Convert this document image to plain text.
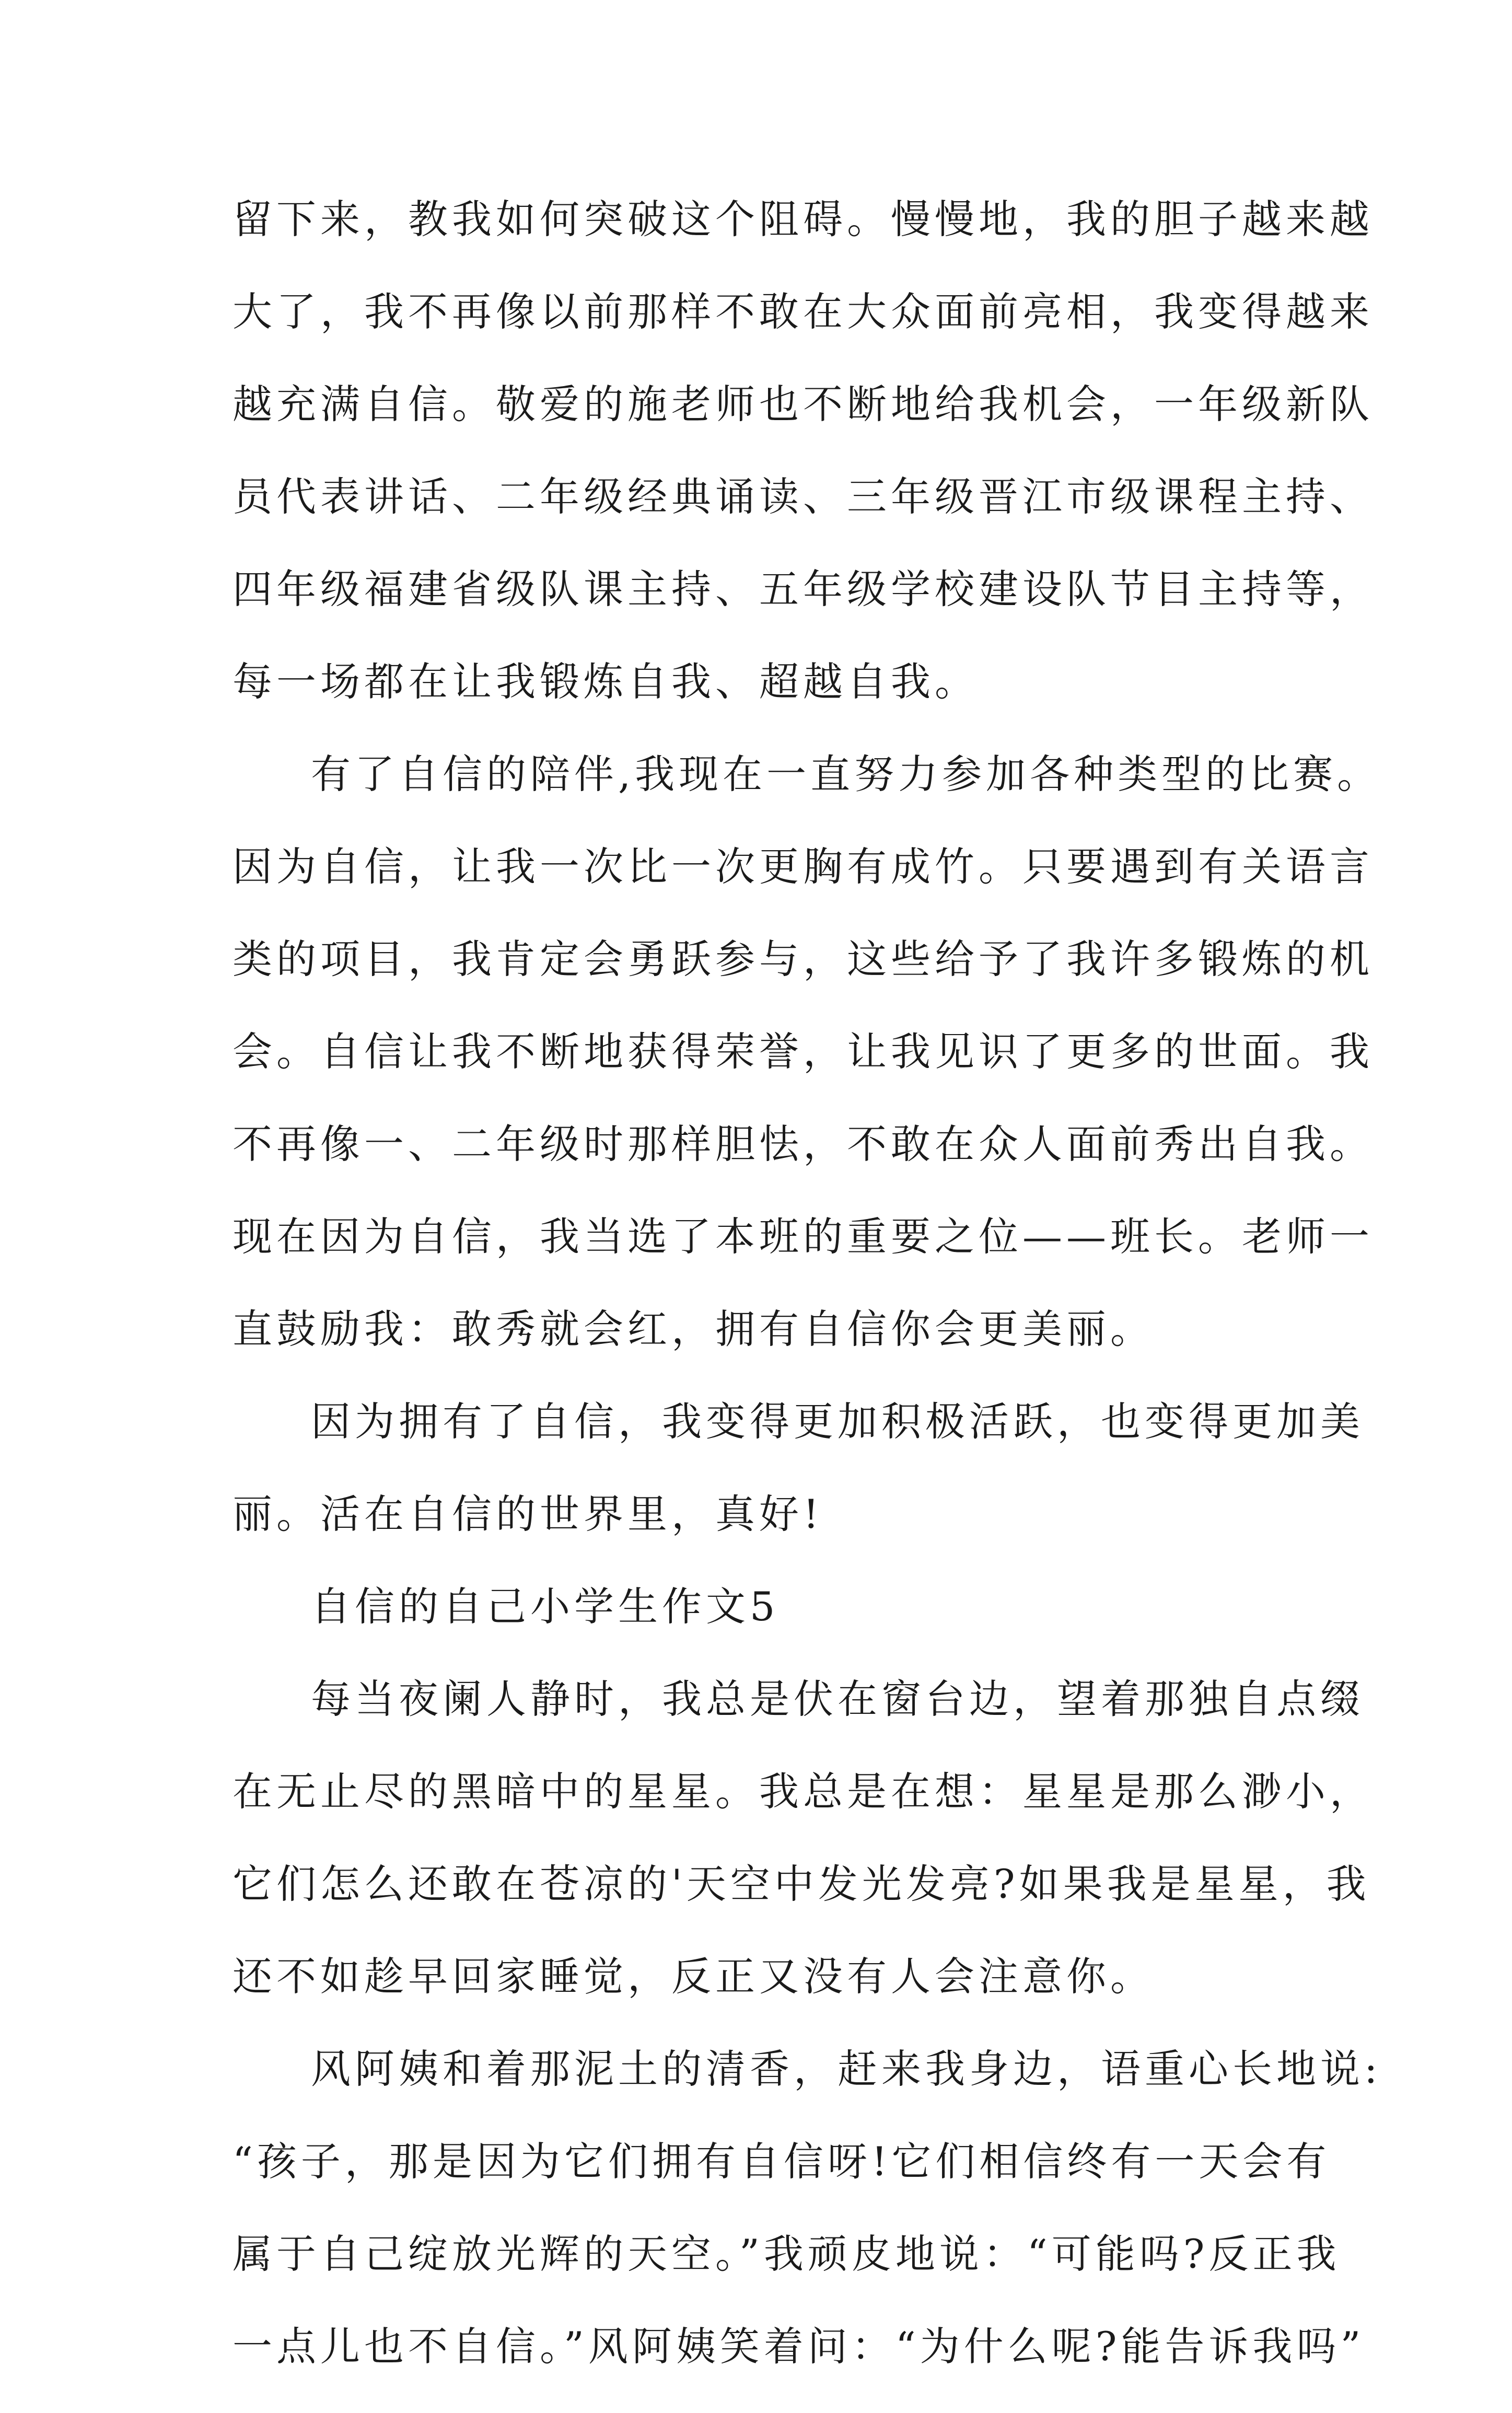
留下来，教我如何突破这个阻碍。慢慢地，我的胆子越来越
大了，我不再像以前那样不敢在大众面前亮相，我变得越来
越充满自信。敬爱的施老师也不断地给我机会，一年级新队
员代表讲话、二年级经典诵读、三年级晋江市级课程主持、
四年级福建省级队课主持、五年级学校建设队节目主持等，
每一场都在让我锻炼自我、超越自我。
有了自信的陪伴,我现在一直努力参加各种类型的比赛。
因为自信，让我一次比一次更胸有成竹。只要遇到有关语言
类的项目，我肯定会勇跃参与，这些给予了我许多锻炼的机
会。自信让我不断地获得荣誉，让我见识了更多的世面。我
不再像一、二年级时那样胆怯，不敢在众人面前秀出自我。
现在因为自信，我当选了本班的重要之位——班长。老师一
直鼓励我：敢秀就会红，拥有自信你会更美丽。
因为拥有了自信，我变得更加积极活跃，也变得更加美
丽。活在自信的世界里，真好!
自信的自己小学生作文5
每当夜阑人静时，我总是伏在窗台边，望着那独自点缀
在无止尽的黑暗中的星星。我总是在想：星星是那么渺小，
它们怎么还敢在苍凉的'天空中发光发亮?如果我是星星，我
还不如趁早回家睡觉，反正又没有人会注意你。
风阿姨和着那泥土的清香，赶来我身边，语重心长地说:
“孩子，那是因为它们拥有自信呀!它们相信终有一天会有
属于自己绽放光辉的天空。”我顽皮地说：“可能吗?反正我
一点儿也不自信。”风阿姨笑着问：“为什么呢?能告诉我吗”
